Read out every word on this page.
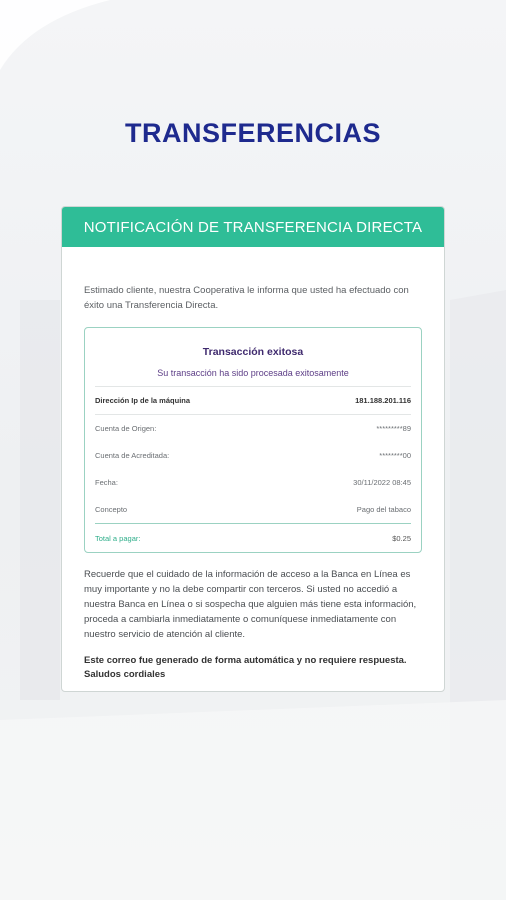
TRANSFERENCIAS
NOTIFICACIÓN DE TRANSFERENCIA DIRECTA
Estimado cliente, nuestra Cooperativa le informa que usted ha efectuado con éxito una Transferencia Directa.
Transacción exitosa
Su transacción ha sido procesada exitosamente
Dirección Ip de la máquina	181.188.201.116
Cuenta de Origen:	*********89
Cuenta de Acreditada:	********00
Fecha:	30/11/2022 08:45
Concepto	Pago del tabaco
Total a pagar:	$0.25
Recuerde que el cuidado de la información de acceso a la Banca en Línea es muy importante y no la debe compartir con terceros. Si usted no accedió a nuestra Banca en Línea o si sospecha que alguien más tiene esta información, proceda a cambiarla inmediatamente o comuníquese inmediatamente con nuestro servicio de atención al cliente.
Este correo fue generado de forma automática y no requiere respuesta.
Saludos cordiales
